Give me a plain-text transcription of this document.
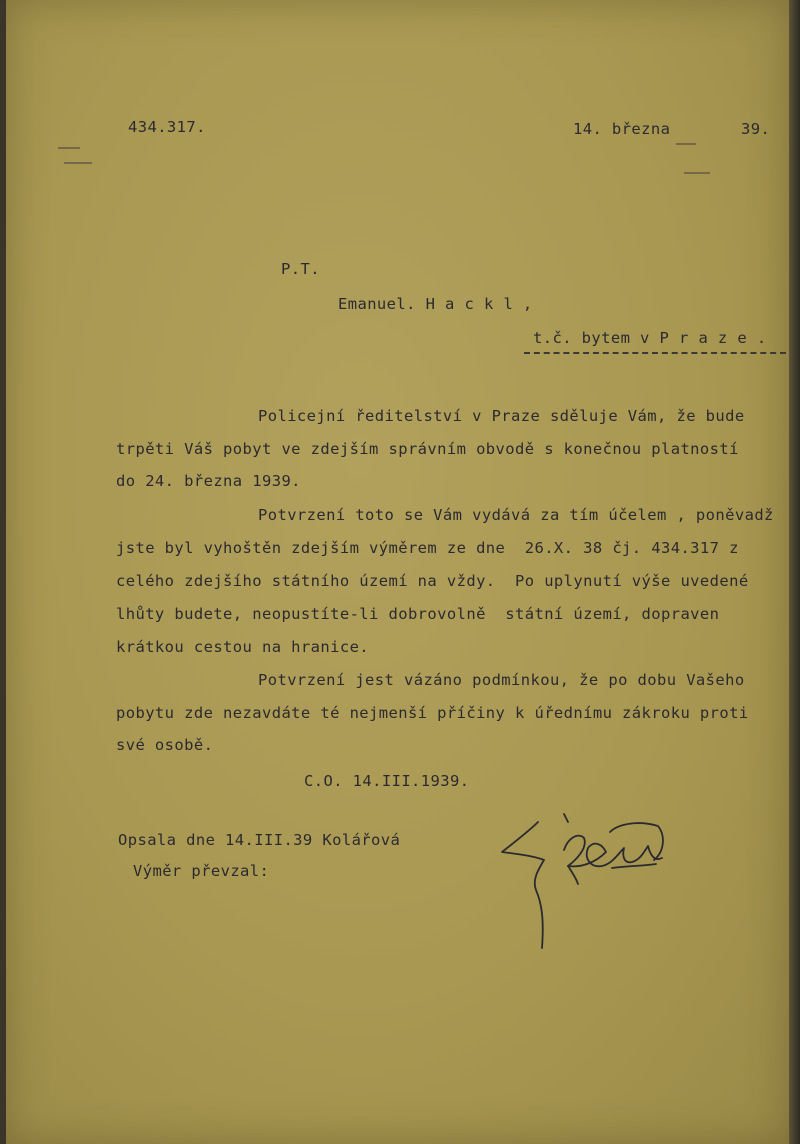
434.317.	14. března	39.

P.T.

Emanuel. H a c k l ,

t.č. bytem v P r a z e .

Policejní ředitelství v Praze sděluje Vám, že bude

trpěti Váš pobyt ve zdejším správním obvodě s konečnou platností

do 24. března 1939.

Potvrzení toto se Vám vydává za tím účelem , poněvadž

jste byl vyhoštěn zdejším výměrem ze dne  26.X. 38 čj. 434.317 z

celého zdejšího státního území na vždy.  Po uplynutí výše uvedené

lhůty budete, neopustíte-li dobrovolně  státní území, dopraven

krátkou cestou na hranice.

Potvrzení jest vázáno podmínkou, že po dobu Vašeho

pobytu zde nezavdáte té nejmenší příčiny k úřednímu zákroku proti

své osobě.

C.O. 14.III.1939.

Opsala dne 14.III.39 Kolářová

Výměr převzal:
